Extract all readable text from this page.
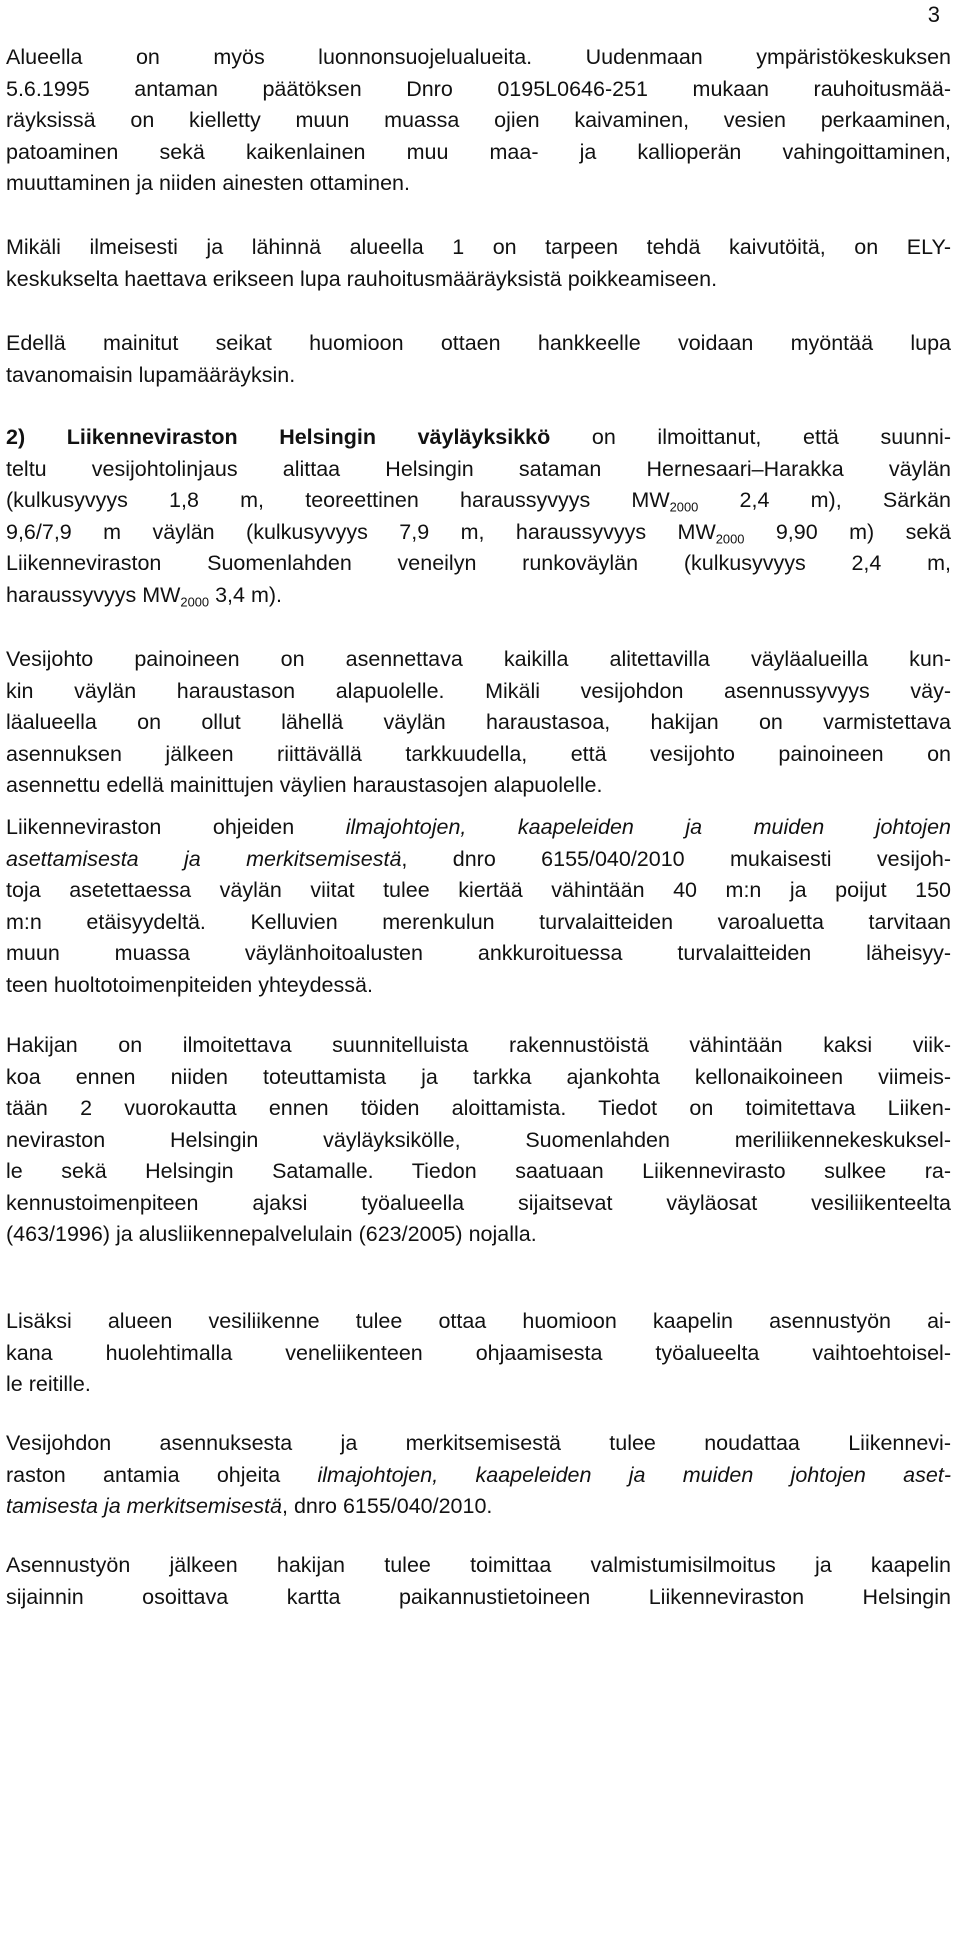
3
Alueella on myös luonnonsuojelualueita. Uudenmaan ympäristökeskuksen
5.6.1995 antaman päätöksen Dnro 0195L0646-251 mukaan rauhoitusmää-
räyksissä on kielletty muun muassa ojien kaivaminen, vesien perkaaminen,
patoaminen sekä kaikenlainen muu maa- ja kallioperän vahingoittaminen,
muuttaminen ja niiden ainesten ottaminen.
Mikäli ilmeisesti ja lähinnä alueella 1 on tarpeen tehdä kaivutöitä, on ELY-
keskukselta haettava erikseen lupa rauhoitusmääräyksistä poikkeamiseen.
Edellä mainitut seikat huomioon ottaen hankkeelle voidaan myöntää lupa
tavanomaisin lupamääräyksin.
2) Liikenneviraston Helsingin väyläyksikkö on ilmoittanut, että suunni-
teltu vesijohtolinjaus alittaa Helsingin sataman Hernesaari–Harakka väylän
(kulkusyvyys 1,8 m, teoreettinen haraussyvyys $MW_{2000}$ 2,4 m), Särkän
9,6/7,9 m väylän (kulkusyvyys 7,9 m, haraussyvyys $MW_{2000}$ 9,90 m) sekä
Liikenneviraston Suomenlahden veneilyn runkoväylän (kulkusyvyys 2,4 m,
haraussyvyys $MW_{2000}$ 3,4 m).
Vesijohto painoineen on asennettava kaikilla alitettavilla väyläalueilla kun-
kin väylän haraustason alapuolelle. Mikäli vesijohdon asennussyvyys väy-
läalueella on ollut lähellä väylän haraustasoa, hakijan on varmistettava
asennuksen jälkeen riittävällä tarkkuudella, että vesijohto painoineen on
asennettu edellä mainittujen väylien haraustasojen alapuolelle.
Liikenneviraston ohjeiden ilmajohtojen, kaapeleiden ja muiden johtojen
asettamisesta ja merkitsemisestä, dnro 6155/040/2010 mukaisesti vesijoh-
toja asetettaessa väylän viitat tulee kiertää vähintään 40 m:n ja poijut 150
m:n etäisyydeltä. Kelluvien merenkulun turvalaitteiden varoaluetta tarvitaan
muun muassa väylänhoitoalusten ankkuroituessa turvalaitteiden läheisyy-
teen huoltotoimenpiteiden yhteydessä.
Hakijan on ilmoitettava suunnitelluista rakennustöistä vähintään kaksi viik-
koa ennen niiden toteuttamista ja tarkka ajankohta kellonaikoineen viimeis-
tään 2 vuorokautta ennen töiden aloittamista. Tiedot on toimitettava Liiken-
neviraston Helsingin väyläyksikölle, Suomenlahden meriliikennekeskuksel-
le sekä Helsingin Satamalle. Tiedon saatuaan Liikennevirasto sulkee ra-
kennustoimenpiteen ajaksi työalueella sijaitsevat väyläosat vesiliikenteelta
(463/1996) ja alusliikennepalvelulain (623/2005) nojalla.
Lisäksi alueen vesiliikenne tulee ottaa huomioon kaapelin asennustyön ai-
kana huolehtimalla veneliikenteen ohjaamisesta työalueelta vaihtoehtoisel-
le reitille.
Vesijohdon asennuksesta ja merkitsemisestä tulee noudattaa Liikennevi-
raston antamia ohjeita ilmajohtojen, kaapeleiden ja muiden johtojen aset-
tamisesta ja merkitsemisestä, dnro 6155/040/2010.
Asennustyön jälkeen hakijan tulee toimittaa valmistumisilmoitus ja kaapelin
sijainnin osoittava kartta paikannustietoineen Liikenneviraston Helsingin
